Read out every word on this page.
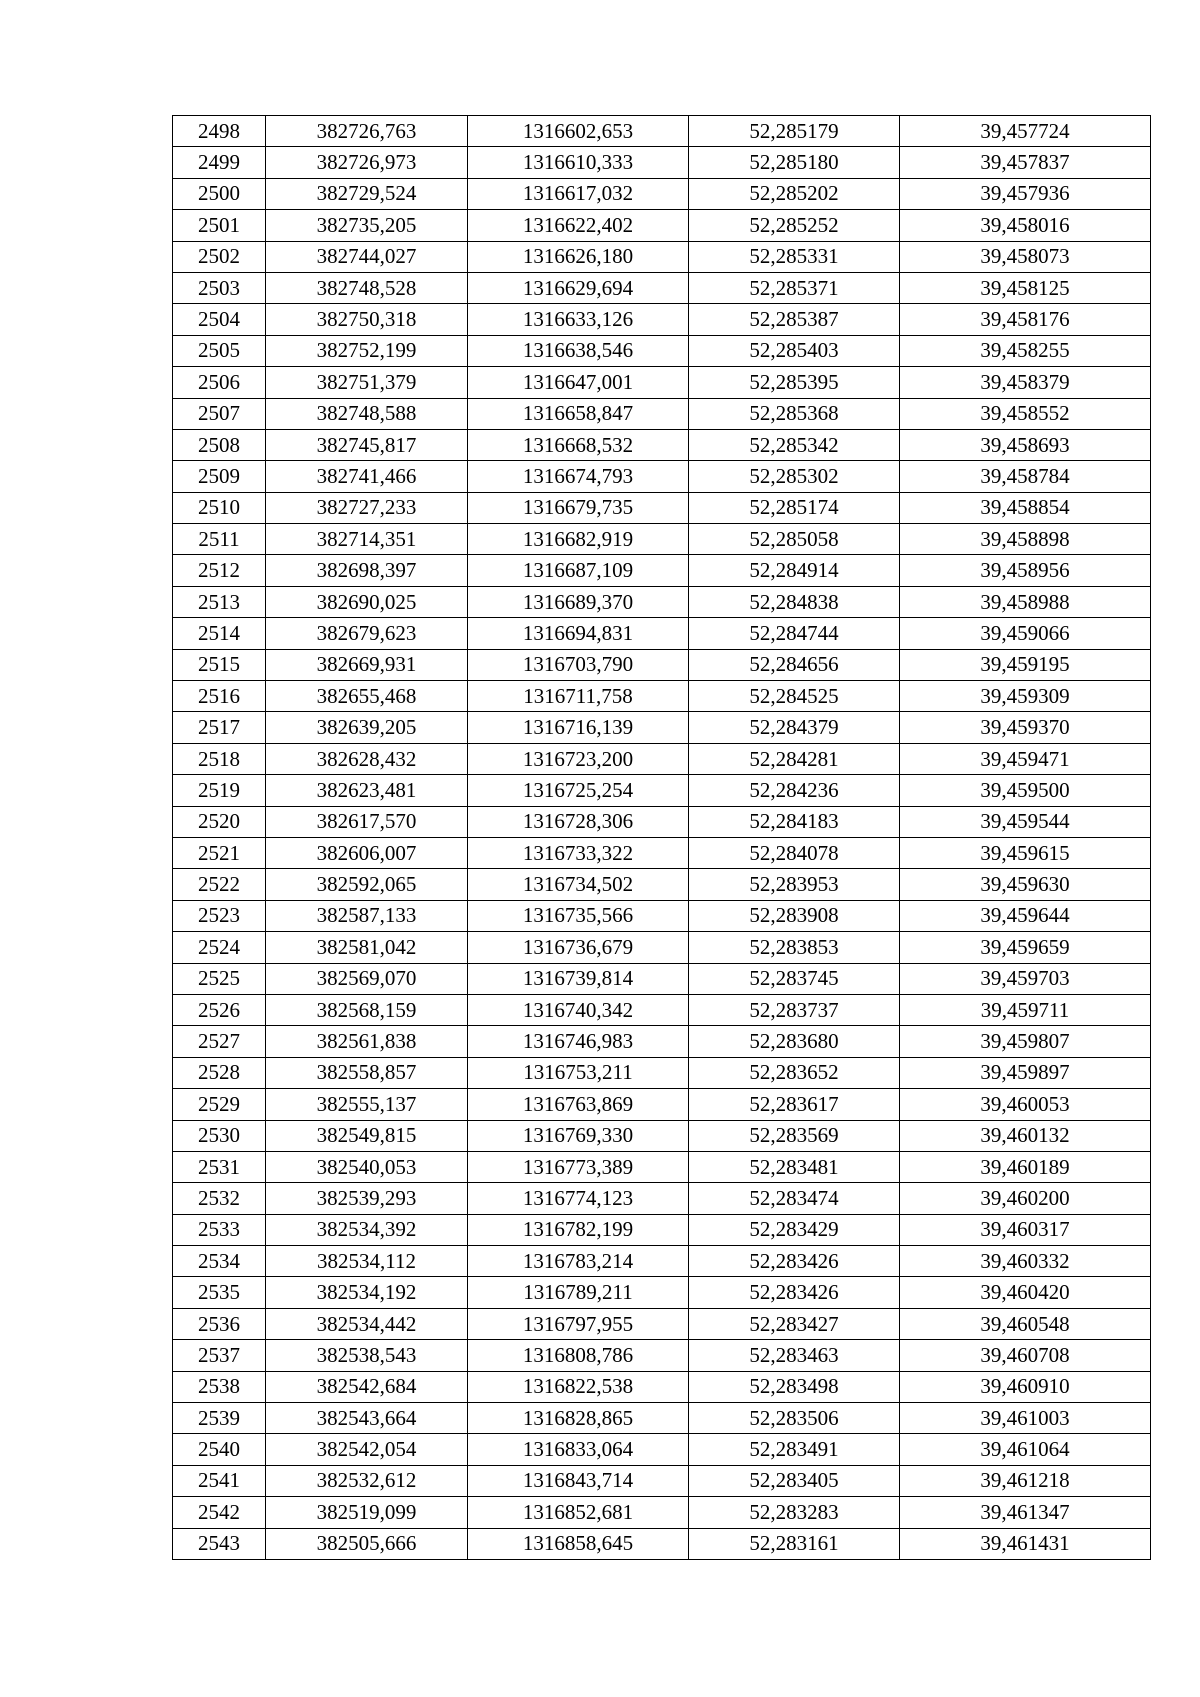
2498	382726,763	1316602,653	52,285179	39,457724
2499	382726,973	1316610,333	52,285180	39,457837
2500	382729,524	1316617,032	52,285202	39,457936
2501	382735,205	1316622,402	52,285252	39,458016
2502	382744,027	1316626,180	52,285331	39,458073
2503	382748,528	1316629,694	52,285371	39,458125
2504	382750,318	1316633,126	52,285387	39,458176
2505	382752,199	1316638,546	52,285403	39,458255
2506	382751,379	1316647,001	52,285395	39,458379
2507	382748,588	1316658,847	52,285368	39,458552
2508	382745,817	1316668,532	52,285342	39,458693
2509	382741,466	1316674,793	52,285302	39,458784
2510	382727,233	1316679,735	52,285174	39,458854
2511	382714,351	1316682,919	52,285058	39,458898
2512	382698,397	1316687,109	52,284914	39,458956
2513	382690,025	1316689,370	52,284838	39,458988
2514	382679,623	1316694,831	52,284744	39,459066
2515	382669,931	1316703,790	52,284656	39,459195
2516	382655,468	1316711,758	52,284525	39,459309
2517	382639,205	1316716,139	52,284379	39,459370
2518	382628,432	1316723,200	52,284281	39,459471
2519	382623,481	1316725,254	52,284236	39,459500
2520	382617,570	1316728,306	52,284183	39,459544
2521	382606,007	1316733,322	52,284078	39,459615
2522	382592,065	1316734,502	52,283953	39,459630
2523	382587,133	1316735,566	52,283908	39,459644
2524	382581,042	1316736,679	52,283853	39,459659
2525	382569,070	1316739,814	52,283745	39,459703
2526	382568,159	1316740,342	52,283737	39,459711
2527	382561,838	1316746,983	52,283680	39,459807
2528	382558,857	1316753,211	52,283652	39,459897
2529	382555,137	1316763,869	52,283617	39,460053
2530	382549,815	1316769,330	52,283569	39,460132
2531	382540,053	1316773,389	52,283481	39,460189
2532	382539,293	1316774,123	52,283474	39,460200
2533	382534,392	1316782,199	52,283429	39,460317
2534	382534,112	1316783,214	52,283426	39,460332
2535	382534,192	1316789,211	52,283426	39,460420
2536	382534,442	1316797,955	52,283427	39,460548
2537	382538,543	1316808,786	52,283463	39,460708
2538	382542,684	1316822,538	52,283498	39,460910
2539	382543,664	1316828,865	52,283506	39,461003
2540	382542,054	1316833,064	52,283491	39,461064
2541	382532,612	1316843,714	52,283405	39,461218
2542	382519,099	1316852,681	52,283283	39,461347
2543	382505,666	1316858,645	52,283161	39,461431
